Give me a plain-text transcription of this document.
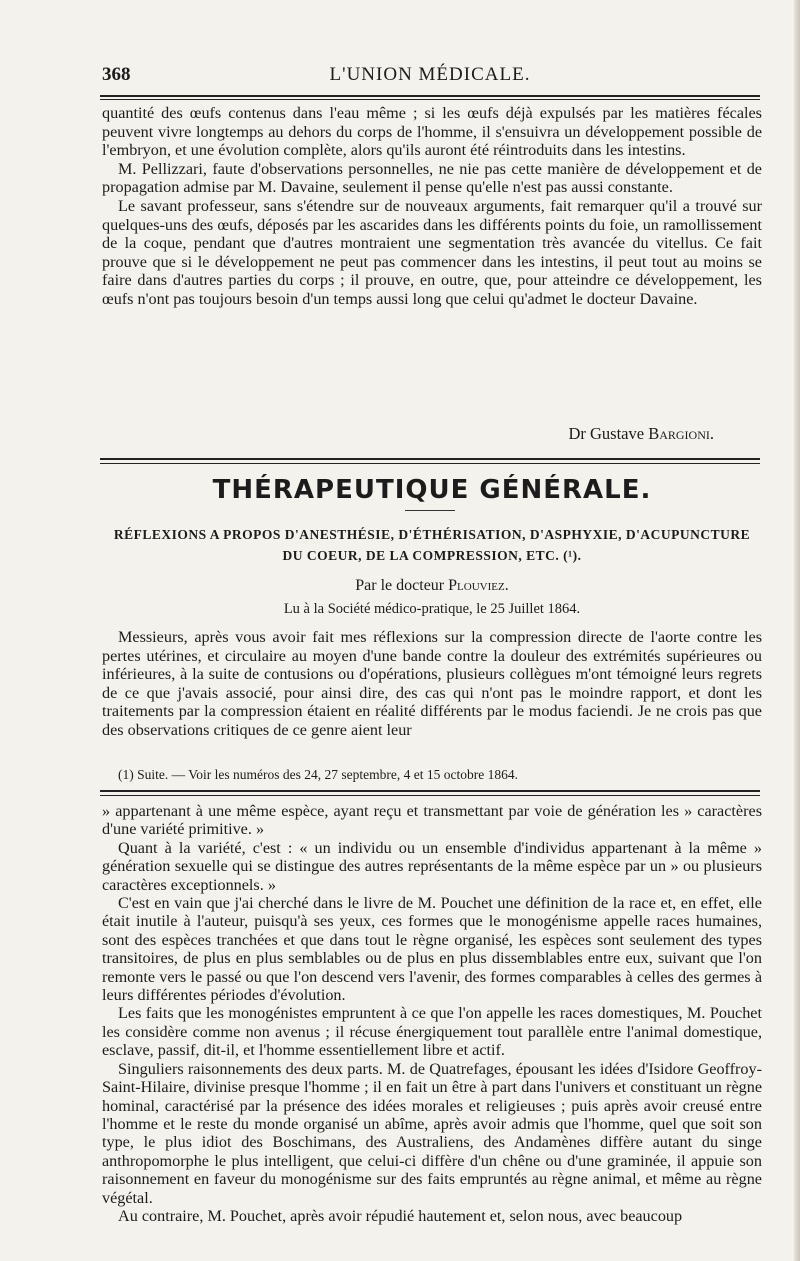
368	L'UNION MÉDICALE.

quantité des œufs contenus dans l'eau même ; si les œufs déjà expulsés par les matières fécales peuvent vivre longtemps au dehors du corps de l'homme, il s'ensuivra un développement possible de l'embryon, et une évolution complète, alors qu'ils auront été réintroduits dans les intestins.

M. Pellizzari, faute d'observations personnelles, ne nie pas cette manière de développement et de propagation admise par M. Davaine, seulement il pense qu'elle n'est pas aussi constante.

Le savant professeur, sans s'étendre sur de nouveaux arguments, fait remarquer qu'il a trouvé sur quelques-uns des œufs, déposés par les ascarides dans les différents points du foie, un ramollissement de la coque, pendant que d'autres montraient une segmentation très avancée du vitellus. Ce fait prouve que si le développement ne peut pas commencer dans les intestins, il peut tout au moins se faire dans d'autres parties du corps ; il prouve, en outre, que, pour atteindre ce développement, les œufs n'ont pas toujours besoin d'un temps aussi long que celui qu'admet le docteur Davaine.

Dr Gustave Bargioni.
THÉRAPEUTIQUE GÉNÉRALE.
RÉFLEXIONS A PROPOS D'ANESTHÉSIE, D'ÉTHÉRISATION, D'ASPHYXIE, D'ACUPUNCTURE DU COEUR, DE LA COMPRESSION, ETC. (¹).
Par le docteur Plouviez.
Lu à la Société médico-pratique, le 25 Juillet 1864.

Messieurs, après vous avoir fait mes réflexions sur la compression directe de l'aorte contre les pertes utérines, et circulaire au moyen d'une bande contre la douleur des extrémités supérieures ou inférieures, à la suite de contusions ou d'opérations, plusieurs collègues m'ont témoigné leurs regrets de ce que j'avais associé, pour ainsi dire, des cas qui n'ont pas le moindre rapport, et dont les traitements par la compression étaient en réalité différents par le modus faciendi. Je ne crois pas que des observations critiques de ce genre aient leur

(1) Suite. — Voir les numéros des 24, 27 septembre, 4 et 15 octobre 1864.

» appartenant à une même espèce, ayant reçu et transmettant par voie de génération les » caractères d'une variété primitive. »

Quant à la variété, c'est : « un individu ou un ensemble d'individus appartenant à la même » génération sexuelle qui se distingue des autres représentants de la même espèce par un » ou plusieurs caractères exceptionnels. »

C'est en vain que j'ai cherché dans le livre de M. Pouchet une définition de la race et, en effet, elle était inutile à l'auteur, puisqu'à ses yeux, ces formes que le monogénisme appelle races humaines, sont des espèces tranchées et que dans tout le règne organisé, les espèces sont seulement des types transitoires, de plus en plus semblables ou de plus en plus dissemblables entre eux, suivant que l'on remonte vers le passé ou que l'on descend vers l'avenir, des formes comparables à celles des germes à leurs différentes périodes d'évolution.

Les faits que les monogénistes empruntent à ce que l'on appelle les races domestiques, M. Pouchet les considère comme non avenus ; il récuse énergiquement tout parallèle entre l'animal domestique, esclave, passif, dit-il, et l'homme essentiellement libre et actif.

Singuliers raisonnements des deux parts. M. de Quatrefages, épousant les idées d'Isidore Geoffroy-Saint-Hilaire, divinise presque l'homme ; il en fait un être à part dans l'univers et constituant un règne hominal, caractérisé par la présence des idées morales et religieuses ; puis après avoir creusé entre l'homme et le reste du monde organisé un abîme, après avoir admis que l'homme, quel que soit son type, le plus idiot des Boschimans, des Australiens, des Andamènes diffère autant du singe anthropomorphe le plus intelligent, que celui-ci diffère d'un chêne ou d'une graminée, il appuie son raisonnement en faveur du monogénisme sur des faits empruntés au règne animal, et même au règne végétal.

Au contraire, M. Pouchet, après avoir répudié hautement et, selon nous, avec beaucoup
